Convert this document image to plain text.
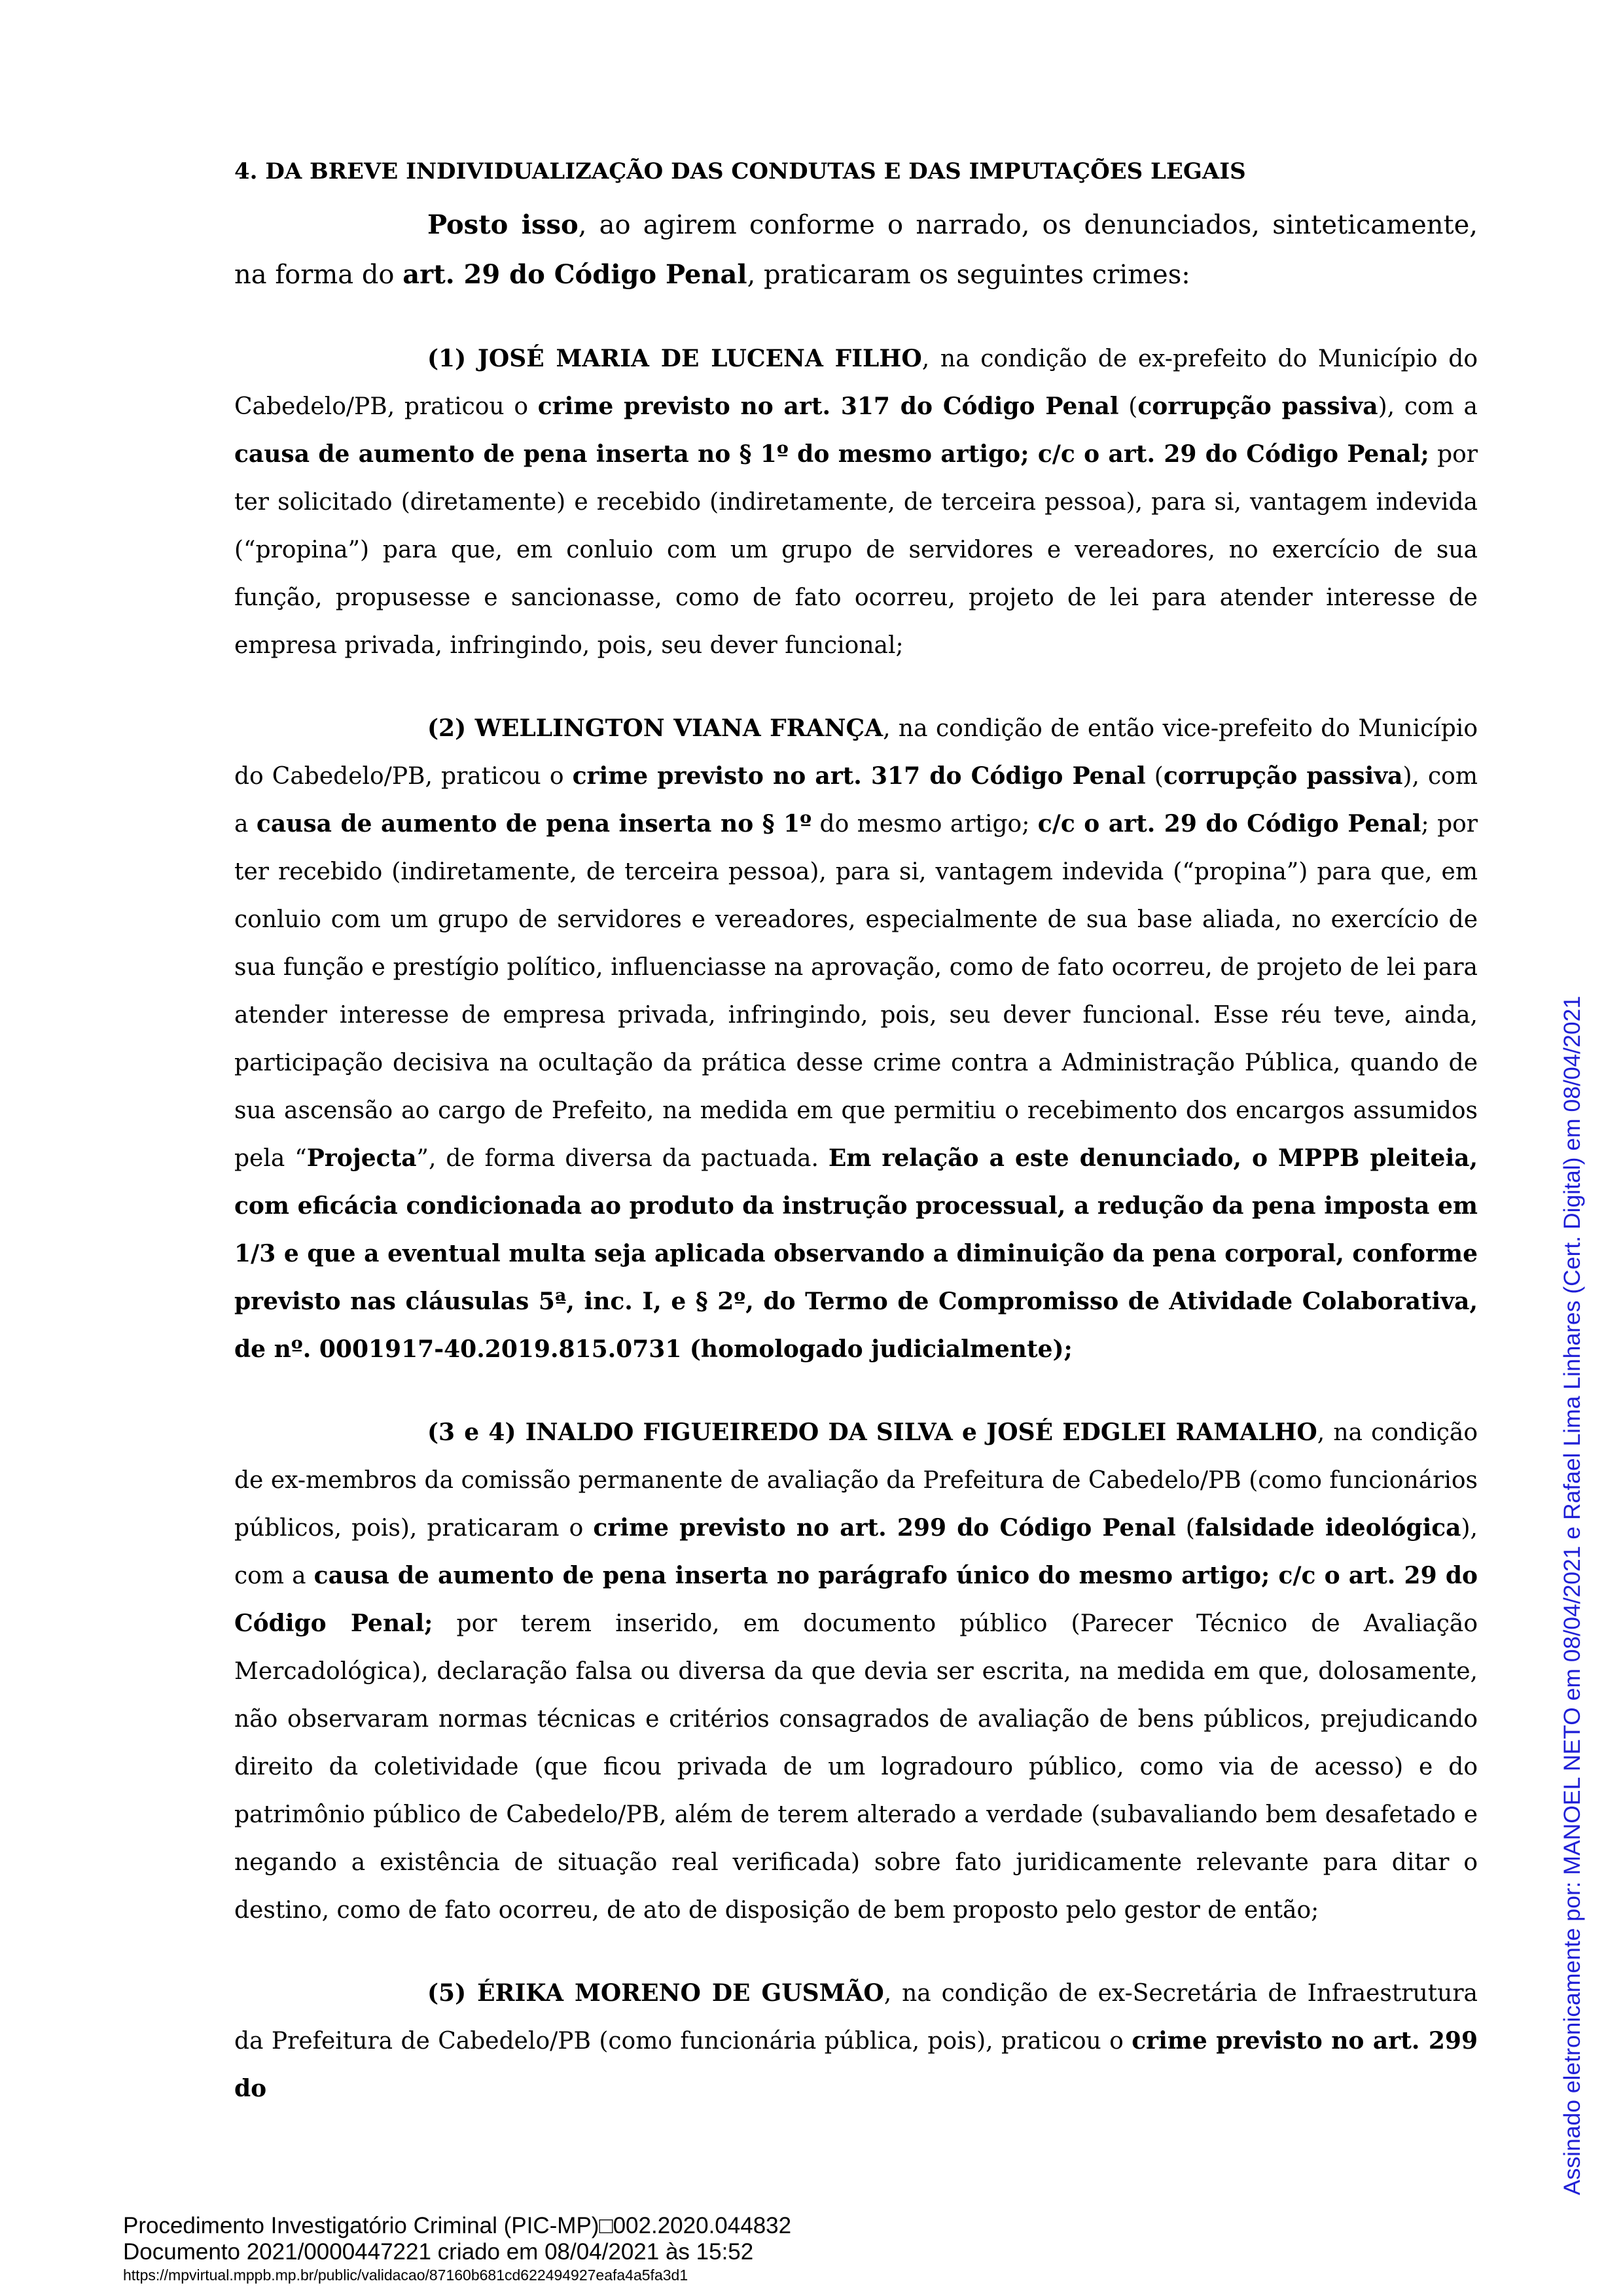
4. DA BREVE INDIVIDUALIZAÇÃO DAS CONDUTAS E DAS IMPUTAÇÕES LEGAIS

Posto isso, ao agirem conforme o narrado, os denunciados, sinteticamente, na forma do art. 29 do Código Penal, praticaram os seguintes crimes:

(1) JOSÉ MARIA DE LUCENA FILHO, na condição de ex-prefeito do Município do Cabedelo/PB, praticou o crime previsto no art. 317 do Código Penal (corrupção passiva), com a causa de aumento de pena inserta no § 1º do mesmo artigo; c/c o art. 29 do Código Penal; por ter solicitado (diretamente) e recebido (indiretamente, de terceira pessoa), para si, vantagem indevida (“propina”) para que, em conluio com um grupo de servidores e vereadores, no exercício de sua função, propusesse e sancionasse, como de fato ocorreu, projeto de lei para atender interesse de empresa privada, infringindo, pois, seu dever funcional;

(2) WELLINGTON VIANA FRANÇA, na condição de então vice-prefeito do Município do Cabedelo/PB, praticou o crime previsto no art. 317 do Código Penal (corrupção passiva), com a causa de aumento de pena inserta no § 1º do mesmo artigo; c/c o art. 29 do Código Penal; por ter recebido (indiretamente, de terceira pessoa), para si, vantagem indevida (“propina”) para que, em conluio com um grupo de servidores e vereadores, especialmente de sua base aliada, no exercício de sua função e prestígio político, influenciasse na aprovação, como de fato ocorreu, de projeto de lei para atender interesse de empresa privada, infringindo, pois, seu dever funcional. Esse réu teve, ainda, participação decisiva na ocultação da prática desse crime contra a Administração Pública, quando de sua ascensão ao cargo de Prefeito, na medida em que permitiu o recebimento dos encargos assumidos pela “Projecta”, de forma diversa da pactuada. Em relação a este denunciado, o MPPB pleiteia, com eficácia condicionada ao produto da instrução processual, a redução da pena imposta em 1/3 e que a eventual multa seja aplicada observando a diminuição da pena corporal, conforme previsto nas cláusulas 5ª, inc. I, e § 2º, do Termo de Compromisso de Atividade Colaborativa, de nº. 0001917-40.2019.815.0731 (homologado judicialmente);

(3 e 4) INALDO FIGUEIREDO DA SILVA e JOSÉ EDGLEI RAMALHO, na condição de ex-membros da comissão permanente de avaliação da Prefeitura de Cabedelo/PB (como funcionários públicos, pois), praticaram o crime previsto no art. 299 do Código Penal (falsidade ideológica), com a causa de aumento de pena inserta no parágrafo único do mesmo artigo; c/c o art. 29 do Código Penal; por terem inserido, em documento público (Parecer Técnico de Avaliação Mercadológica), declaração falsa ou diversa da que devia ser escrita, na medida em que, dolosamente, não observaram normas técnicas e critérios consagrados de avaliação de bens públicos, prejudicando direito da coletividade (que ficou privada de um logradouro público, como via de acesso) e do patrimônio público de Cabedelo/PB, além de terem alterado a verdade (subavaliando bem desafetado e negando a existência de situação real verificada) sobre fato juridicamente relevante para ditar o destino, como de fato ocorreu, de ato de disposição de bem proposto pelo gestor de então;

(5) ÉRIKA MORENO DE GUSMÃO, na condição de ex-Secretária de Infraestrutura da Prefeitura de Cabedelo/PB (como funcionária pública, pois), praticou o crime previsto no art. 299 do	Assinado eletronicamente por: MANOEL NETO em 08/04/2021 e Rafael Lima Linhares (Cert. Digital) em 08/04/2021
Procedimento Investigatório Criminal (PIC-MP)□002.2020.044832
Documento 2021/0000447221 criado em 08/04/2021 às 15:52
https://mpvirtual.mppb.mp.br/public/validacao/87160b681cd622494927eafa4a5fa3d1
